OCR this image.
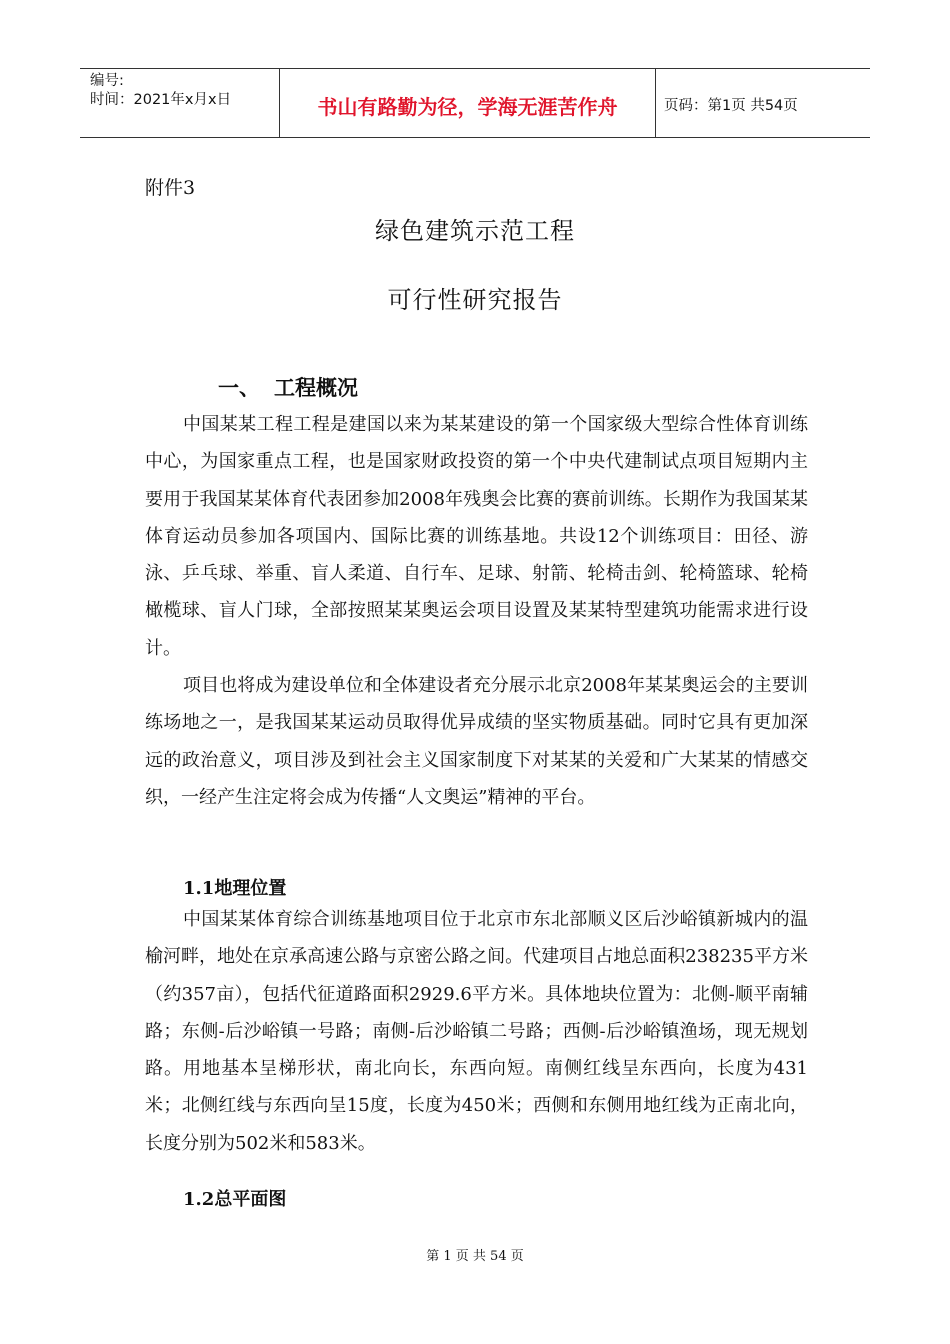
编号:
时间：2021年x月x日	书山有路勤为径，学海无涯苦作舟	页码：第1页 共54页
附件3
绿色建筑示范工程
可行性研究报告
一、 工程概况

中国某某工程工程是建国以来为某某建设的第一个国家级大型综合性体育训练中心，为国家重点工程，也是国家财政投资的第一个中央代建制试点项目短期内主要用于我国某某体育代表团参加2008年残奥会比赛的赛前训练。长期作为我国某某体育运动员参加各项国内、国际比赛的训练基地。共设12个训练项目：田径、游泳、乒乓球、举重、盲人柔道、自行车、足球、射箭、轮椅击剑、轮椅篮球、轮椅橄榄球、盲人门球，全部按照某某奥运会项目设置及某某特型建筑功能需求进行设计。

项目也将成为建设单位和全体建设者充分展示北京2008年某某奥运会的主要训练场地之一，是我国某某运动员取得优异成绩的坚实物质基础。同时它具有更加深远的政治意义，项目涉及到社会主义国家制度下对某某的关爱和广大某某的情感交织，一经产生注定将会成为传播“人文奥运”精神的平台。

1.1地理位置

中国某某体育综合训练基地项目位于北京市东北部顺义区后沙峪镇新城内的温榆河畔，地处在京承高速公路与京密公路之间。代建项目占地总面积238235平方米（约357亩），包括代征道路面积2929.6平方米。具体地块位置为：北侧-顺平南辅路；东侧-后沙峪镇一号路；南侧-后沙峪镇二号路；西侧-后沙峪镇渔场，现无规划路。用地基本呈梯形状，南北向长，东西向短。南侧红线呈东西向，长度为431米；北侧红线与东西向呈15度，长度为450米；西侧和东侧用地红线为正南北向，长度分别为502米和583米。

1.2总平面图
第 1 页 共 54 页
